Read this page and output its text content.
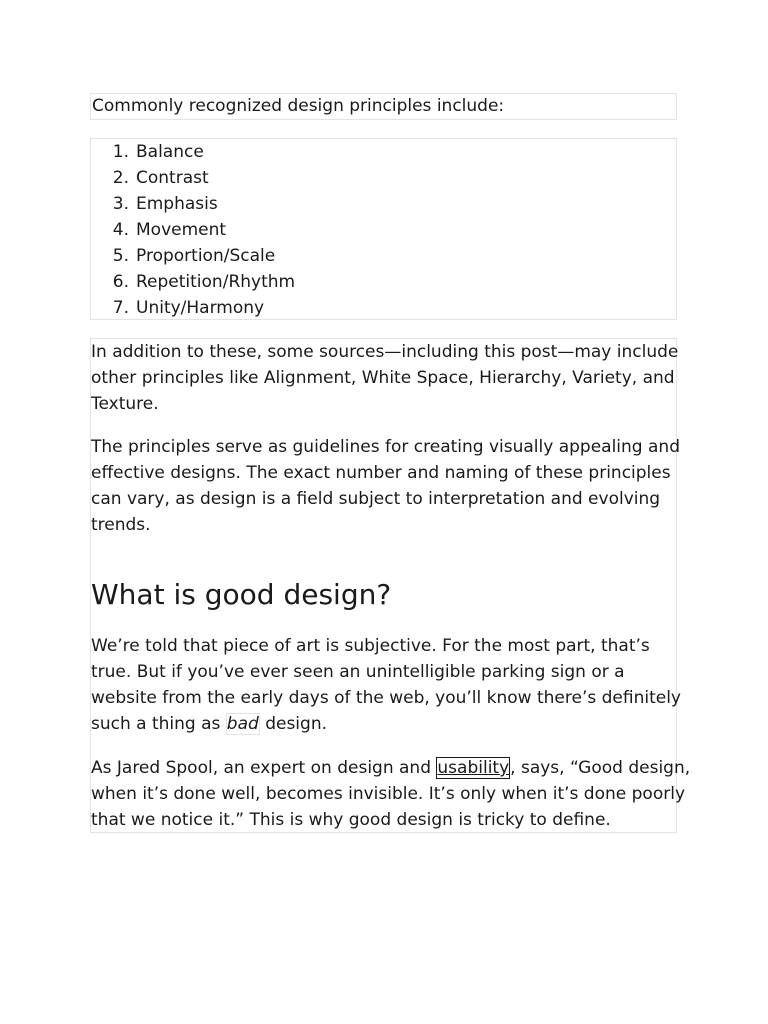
Commonly recognized design principles include:
1. Balance
2. Contrast
3. Emphasis
4. Movement
5. Proportion/Scale
6. Repetition/Rhythm
7. Unity/Harmony

In addition to these, some sources—including this post—may include
other principles like Alignment, White Space, Hierarchy, Variety, and
Texture.

The principles serve as guidelines for creating visually appealing and
effective designs. The exact number and naming of these principles
can vary, as design is a field subject to interpretation and evolving
trends.

What is good design?

We’re told that piece of art is subjective. For the most part, that’s
true. But if you’ve ever seen an unintelligible parking sign or a
website from the early days of the web, you’ll know there’s definitely
such a thing as bad design.

As Jared Spool, an expert on design and usability, says, “Good design,
when it’s done well, becomes invisible. It’s only when it’s done poorly
that we notice it.” This is why good design is tricky to define.
